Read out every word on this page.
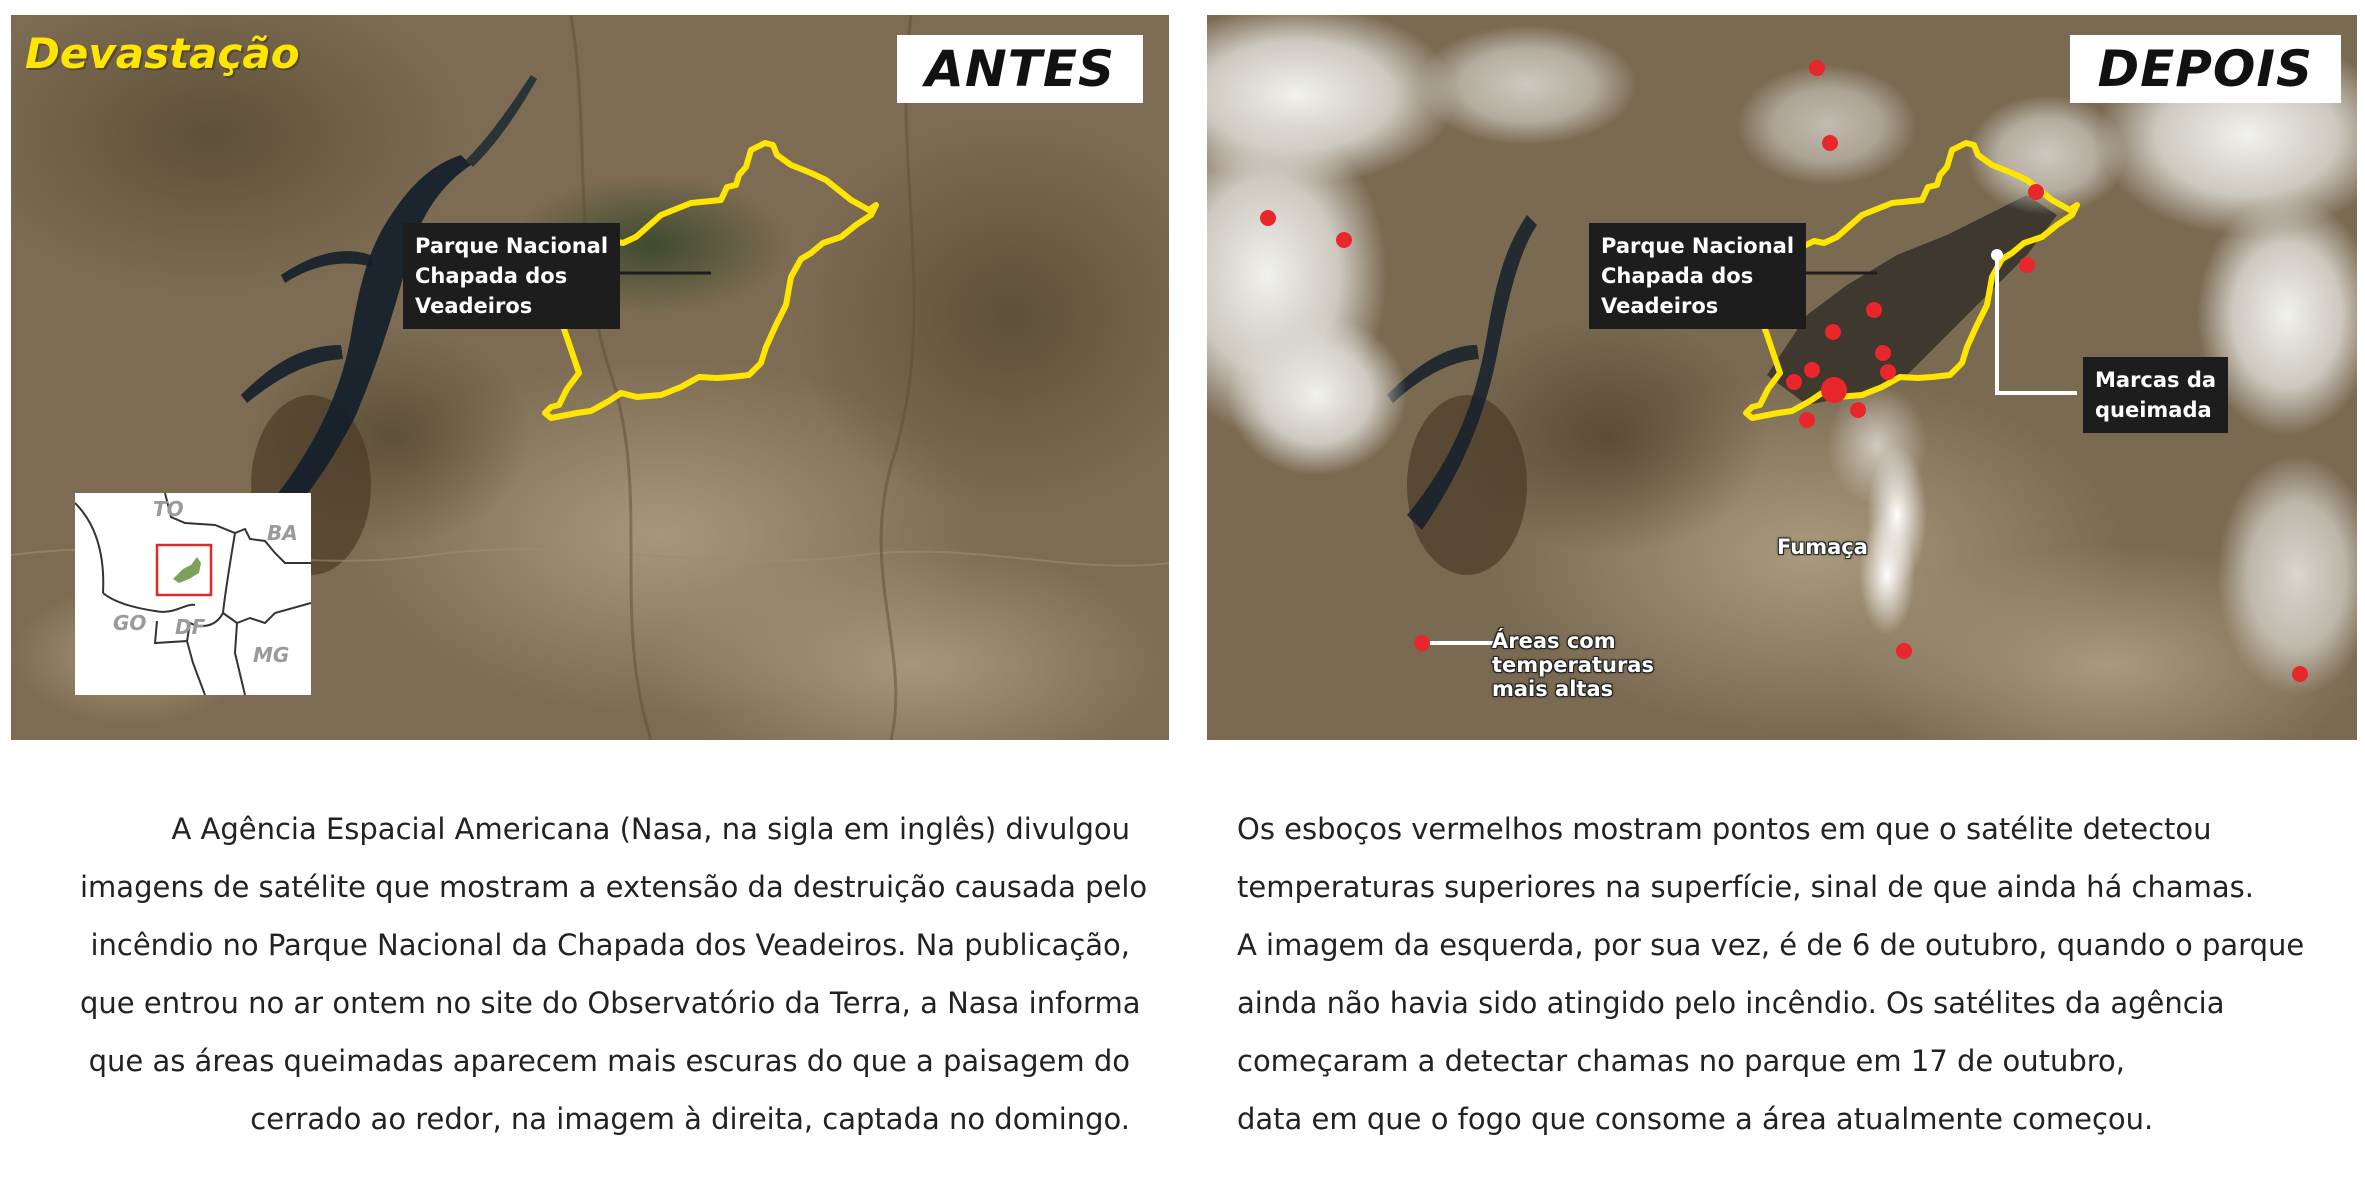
Devastação	ANTES
Parque Nacional
Chapada dos
Veadeiros
TO
BA
GO DF
MG
DEPOIS
Parque Nacional
Chapada dos
Veadeiros
Marcas da
queimada
Fumaça
Áreas com
temperaturas
mais altas
A Agência Espacial Americana (Nasa, na sigla em inglês) divulgou
imagens de satélite que mostram a extensão da destruição causada pelo
incêndio no Parque Nacional da Chapada dos Veadeiros. Na publicação,
que entrou no ar ontem no site do Observatório da Terra, a Nasa informa
que as áreas queimadas aparecem mais escuras do que a paisagem do
cerrado ao redor, na imagem à direita, captada no domingo.
Os esboços vermelhos mostram pontos em que o satélite detectou
temperaturas superiores na superfície, sinal de que ainda há chamas.
A imagem da esquerda, por sua vez, é de 6 de outubro, quando o parque
ainda não havia sido atingido pelo incêndio. Os satélites da agência
começaram a detectar chamas no parque em 17 de outubro,
data em que o fogo que consome a área atualmente começou.
